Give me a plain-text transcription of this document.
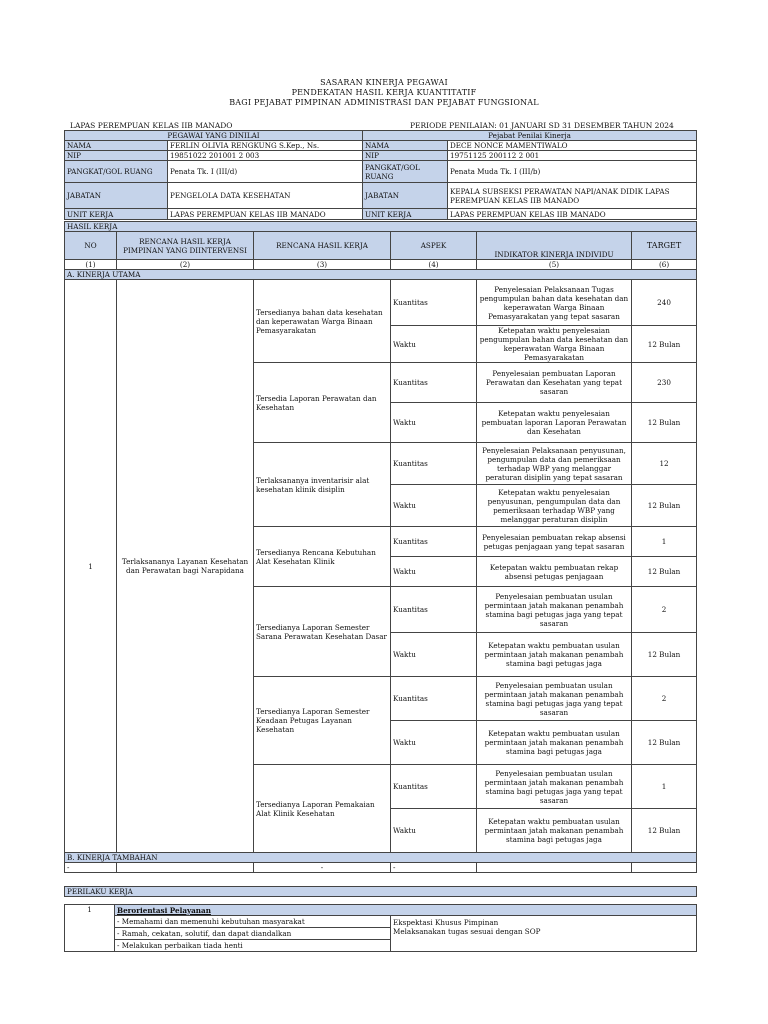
SASARAN KINERJA PEGAWAI
PENDEKATAN HASIL KERJA KUANTITATIF
BAGI PEJABAT PIMPINAN ADMINISTRASI DAN PEJABAT FUNGSIONAL
LAPAS PEREMPUAN KELAS IIB MANADO	PERIODE PENILAIAN: 01 JANUARI SD 31 DESEMBER TAHUN 2024
PEGAWAI YANG DINILAI		Pejabat Penilai Kinerja	
NAMA	FERLIN OLIVIA RENGKUNG S.Kep., Ns.	NAMA	DECE NONCE MAMENTIWALO
NIP	19851022 201001 2 003	NIP	19751125 200112 2 001
PANGKAT/GOL RUANG	Penata Tk. I (III/d)	PANGKAT/GOL RUANG	Penata Muda Tk. I (III/b)
JABATAN	PENGELOLA DATA KESEHATAN	JABATAN	KEPALA SUBSEKSI PERAWATAN NAPI/ANAK DIDIK LAPAS PEREMPUAN KELAS IIB MANADO
UNIT KERJA	LAPAS PEREMPUAN KELAS IIB MANADO	UNIT KERJA	LAPAS PEREMPUAN KELAS IIB MANADO
HASIL KERJA					
NO	RENCANA HASIL KERJA PIMPINAN YANG DIINTERVENSI	RENCANA HASIL KERJA	ASPEK	INDIKATOR KINERJA INDIVIDU	TARGET
(1)	(2)	(3)	(4)	(5)	(6)
A. KINERJA UTAMA					
1	Terlaksananya Layanan Kesehatan dan Perawatan bagi Narapidana	Tersedianya bahan data kesehatan dan keperawatan Warga Binaan Pemasyarakatan	Kuantitas	Penyelesaian Pelaksanaan Tugas pengumpulan bahan data kesehatan dan keperawatan Warga Binaan Pemasyarakatan yang tepat sasaran	240
			Waktu	Ketepatan waktu penyelesaian pengumpulan bahan data kesehatan dan keperawatan Warga Binaan Pemasyarakatan	12 Bulan
		Tersedia Laporan Perawatan dan Kesehatan	Kuantitas	Penyelesaian pembuatan Laporan Perawatan dan Kesehatan yang tepat sasaran	230
			Waktu	Ketepatan waktu penyelesaian pembuatan laporan Laporan Perawatan dan Kesehatan	12 Bulan
		Terlaksananya inventarisir alat kesehatan klinik disiplin	Kuantitas	Penyelesaian Pelaksanaan penyusunan, pengumpulan data dan pemeriksaan terhadap WBP yang melanggar peraturan disiplin yang tepat sasaran	12
			Waktu	Ketepatan waktu penyelesaian penyusunan, pengumpulan data dan pemeriksaan terhadap WBP yang melanggar peraturan disiplin	12 Bulan
		Tersedianya Rencana Kebutuhan Alat Kesehatan Klinik	Kuantitas	Penyelesaian pembuatan rekap absensi petugas penjagaan yang tepat sasaran	1
			Waktu	Ketepatan waktu pembuatan rekap absensi petugas penjagaan	12 Bulan
		Tersedianya Laporan Semester Sarana Perawatan Kesehatan Dasar	Kuantitas	Penyelesaian pembuatan usulan permintaan jatah makanan penambah stamina bagi petugas jaga yang tepat sasaran	2
			Waktu	Ketepatan waktu pembuatan usulan permintaan jatah makanan penambah stamina bagi petugas jaga	12 Bulan
		Tersedianya Laporan Semester Keadaan Petugas Layanan Kesehatan	Kuantitas	Penyelesaian pembuatan usulan permintaan jatah makanan penambah stamina bagi petugas jaga yang tepat sasaran	2
			Waktu	Ketepatan waktu pembuatan usulan permintaan jatah makanan penambah stamina bagi petugas jaga	12 Bulan
		Tersedianya Laporan Pemakaian Alat Klinik Kesehatan	Kuantitas	Penyelesaian pembuatan usulan permintaan jatah makanan penambah stamina bagi petugas jaga yang tepat sasaran	1
			Waktu	Ketepatan waktu pembuatan usulan permintaan jatah makanan penambah stamina bagi petugas jaga	12 Bulan
B. KINERJA TAMBAHAN					
-		-	-		

PERILAKU KERJA					
1	Berorientasi Pelayanan	
	- Memahami dan memenuhi kebutuhan masyarakat	Ekspektasi Khusus Pimpinan
Melaksanakan tugas sesuai dengan SOP

	- Ramah, cekatan, solutif, dan dapat diandalkan	
	- Melakukan perbaikan tiada henti	
